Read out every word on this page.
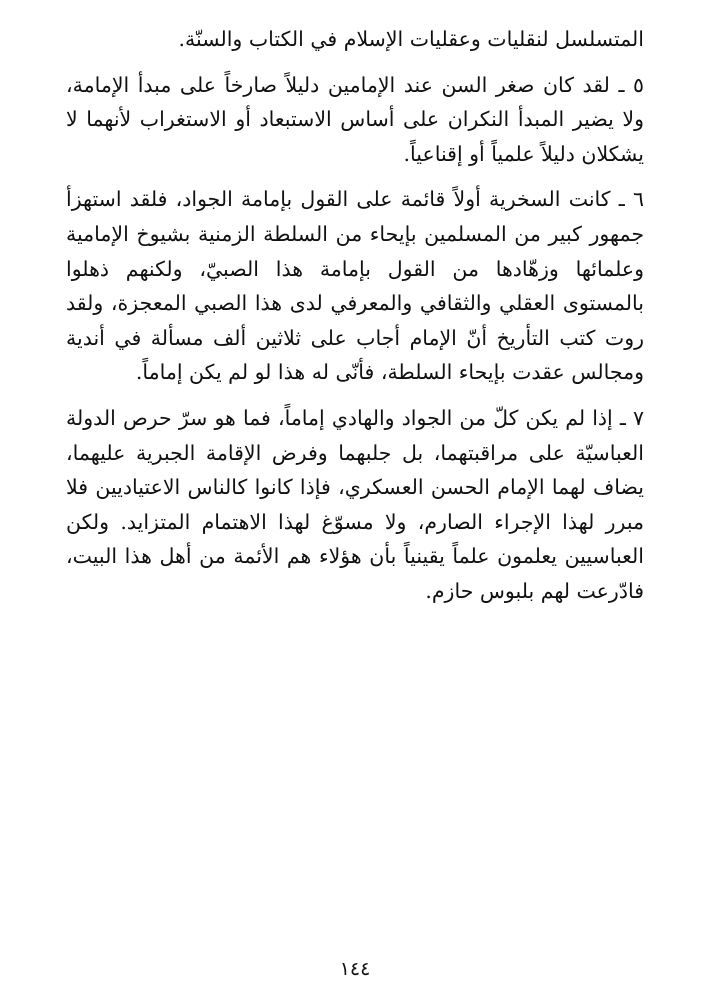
المتسلسل لنقليات وعقليات الإسلام في الكتاب والسنّة.

٥ ـ لقد كان صغر السن عند الإمامين دليلاً صارخاً على مبدأ الإمامة، ولا يضير المبدأ النكران على أساس الاستبعاد أو الاستغراب لأنهما لا يشكلان دليلاً علمياً أو إقناعياً.

٦ ـ كانت السخرية أولاً قائمة على القول بإمامة الجواد، فلقد استهزأ جمهور كبير من المسلمين بإيحاء من السلطة الزمنية بشيوخ الإمامية وعلمائها وزهّادها من القول بإمامة هذا الصبيّ، ولكنهم ذهلوا بالمستوى العقلي والثقافي والمعرفي لدى هذا الصبي المعجزة، ولقد روت كتب التأريخ أنّ الإمام أجاب على ثلاثين ألف مسألة في أندية ومجالس عقدت بإيحاء السلطة، فأنّى له هذا لو لم يكن إماماً.

٧ ـ إذا لم يكن كلّ من الجواد والهادي إماماً، فما هو سرّ حرص الدولة العباسيّة على مراقبتهما، بل جلبهما وفرض الإقامة الجبرية عليهما، يضاف لهما الإمام الحسن العسكري، فإذا كانوا كالناس الاعتياديين فلا مبرر لهذا الإجراء الصارم، ولا مسوّغ لهذا الاهتمام المتزايد. ولكن العباسيين يعلمون علماً يقينياً بأن هؤلاء هم الأئمة من أهل هذا البيت، فادّرعت لهم بلبوس حازم.

١٤٤
